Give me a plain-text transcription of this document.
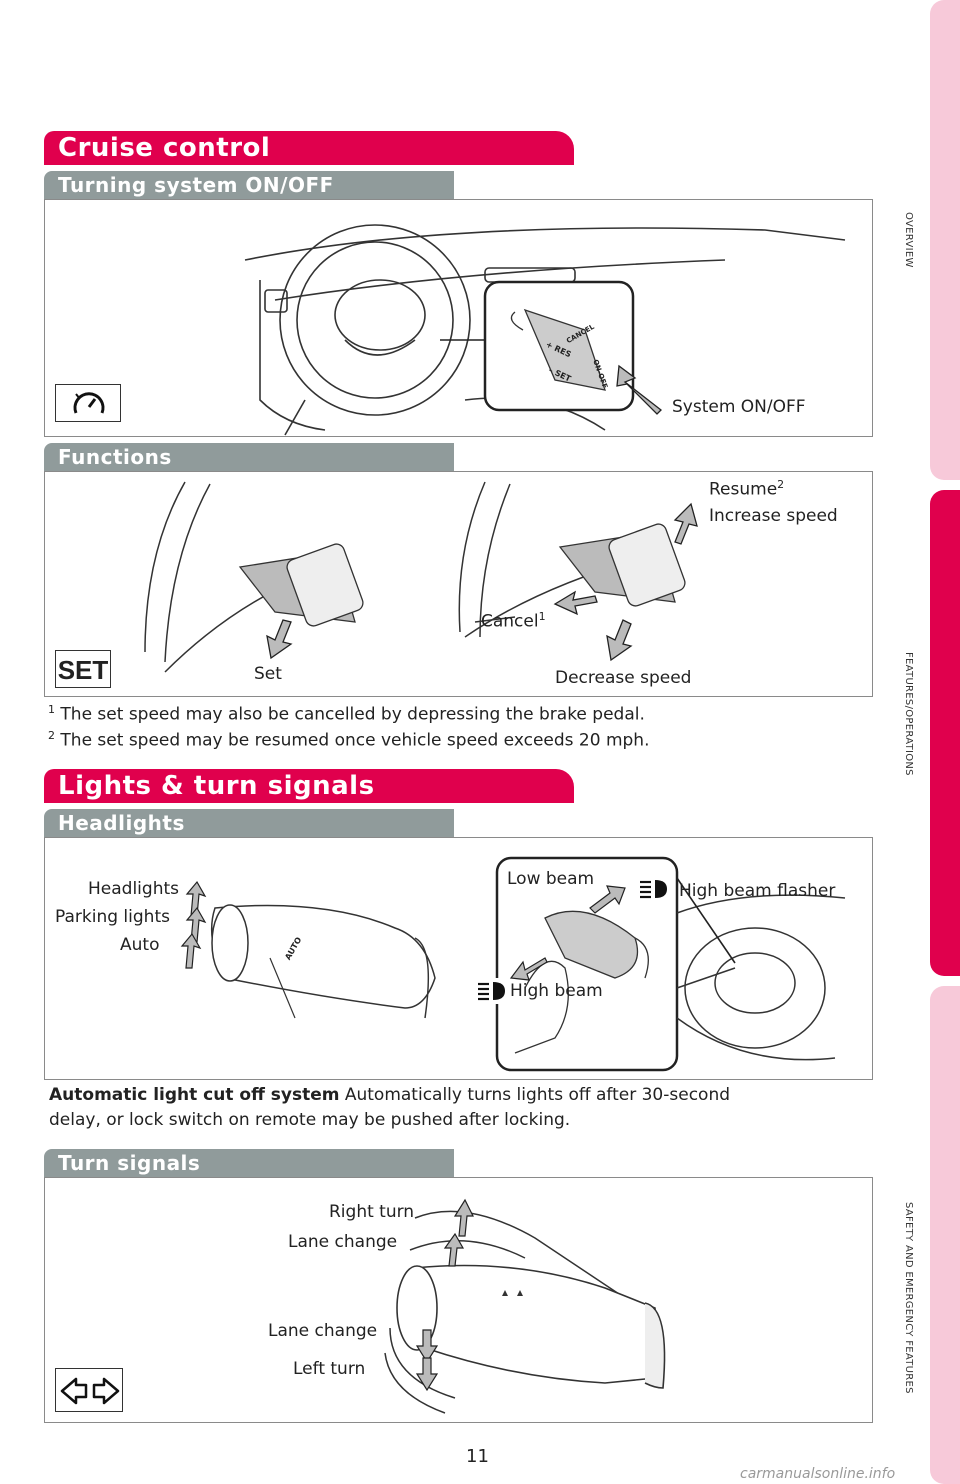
OVERVIEW
FEATURES/OPERATIONS
SAFETY AND EMERGENCY FEATURES
Cruise control
Turning system ON/OFF
CANCEL
+ RES
– SET	ON-OFF
System ON/OFF
Functions
SET	Set	Decrease speed
Cancel$^1$
Resume$^2$
Increase speed
$^1$ The set speed may also be cancelled by depressing the brake pedal.
$^2$ The set speed may be resumed once vehicle speed exceeds 20 mph.
Lights & turn signals
Headlights
AUTO
Headlights
Parking lights
Auto
Low beam
High beam flasher
High beam
Automatic light cut off system Automatically turns lights off after 30-second
delay, or lock switch on remote may be pushed after locking.
Turn signals
Right turn
Lane change
Lane change
Left turn
11
carmanualsonline.info
